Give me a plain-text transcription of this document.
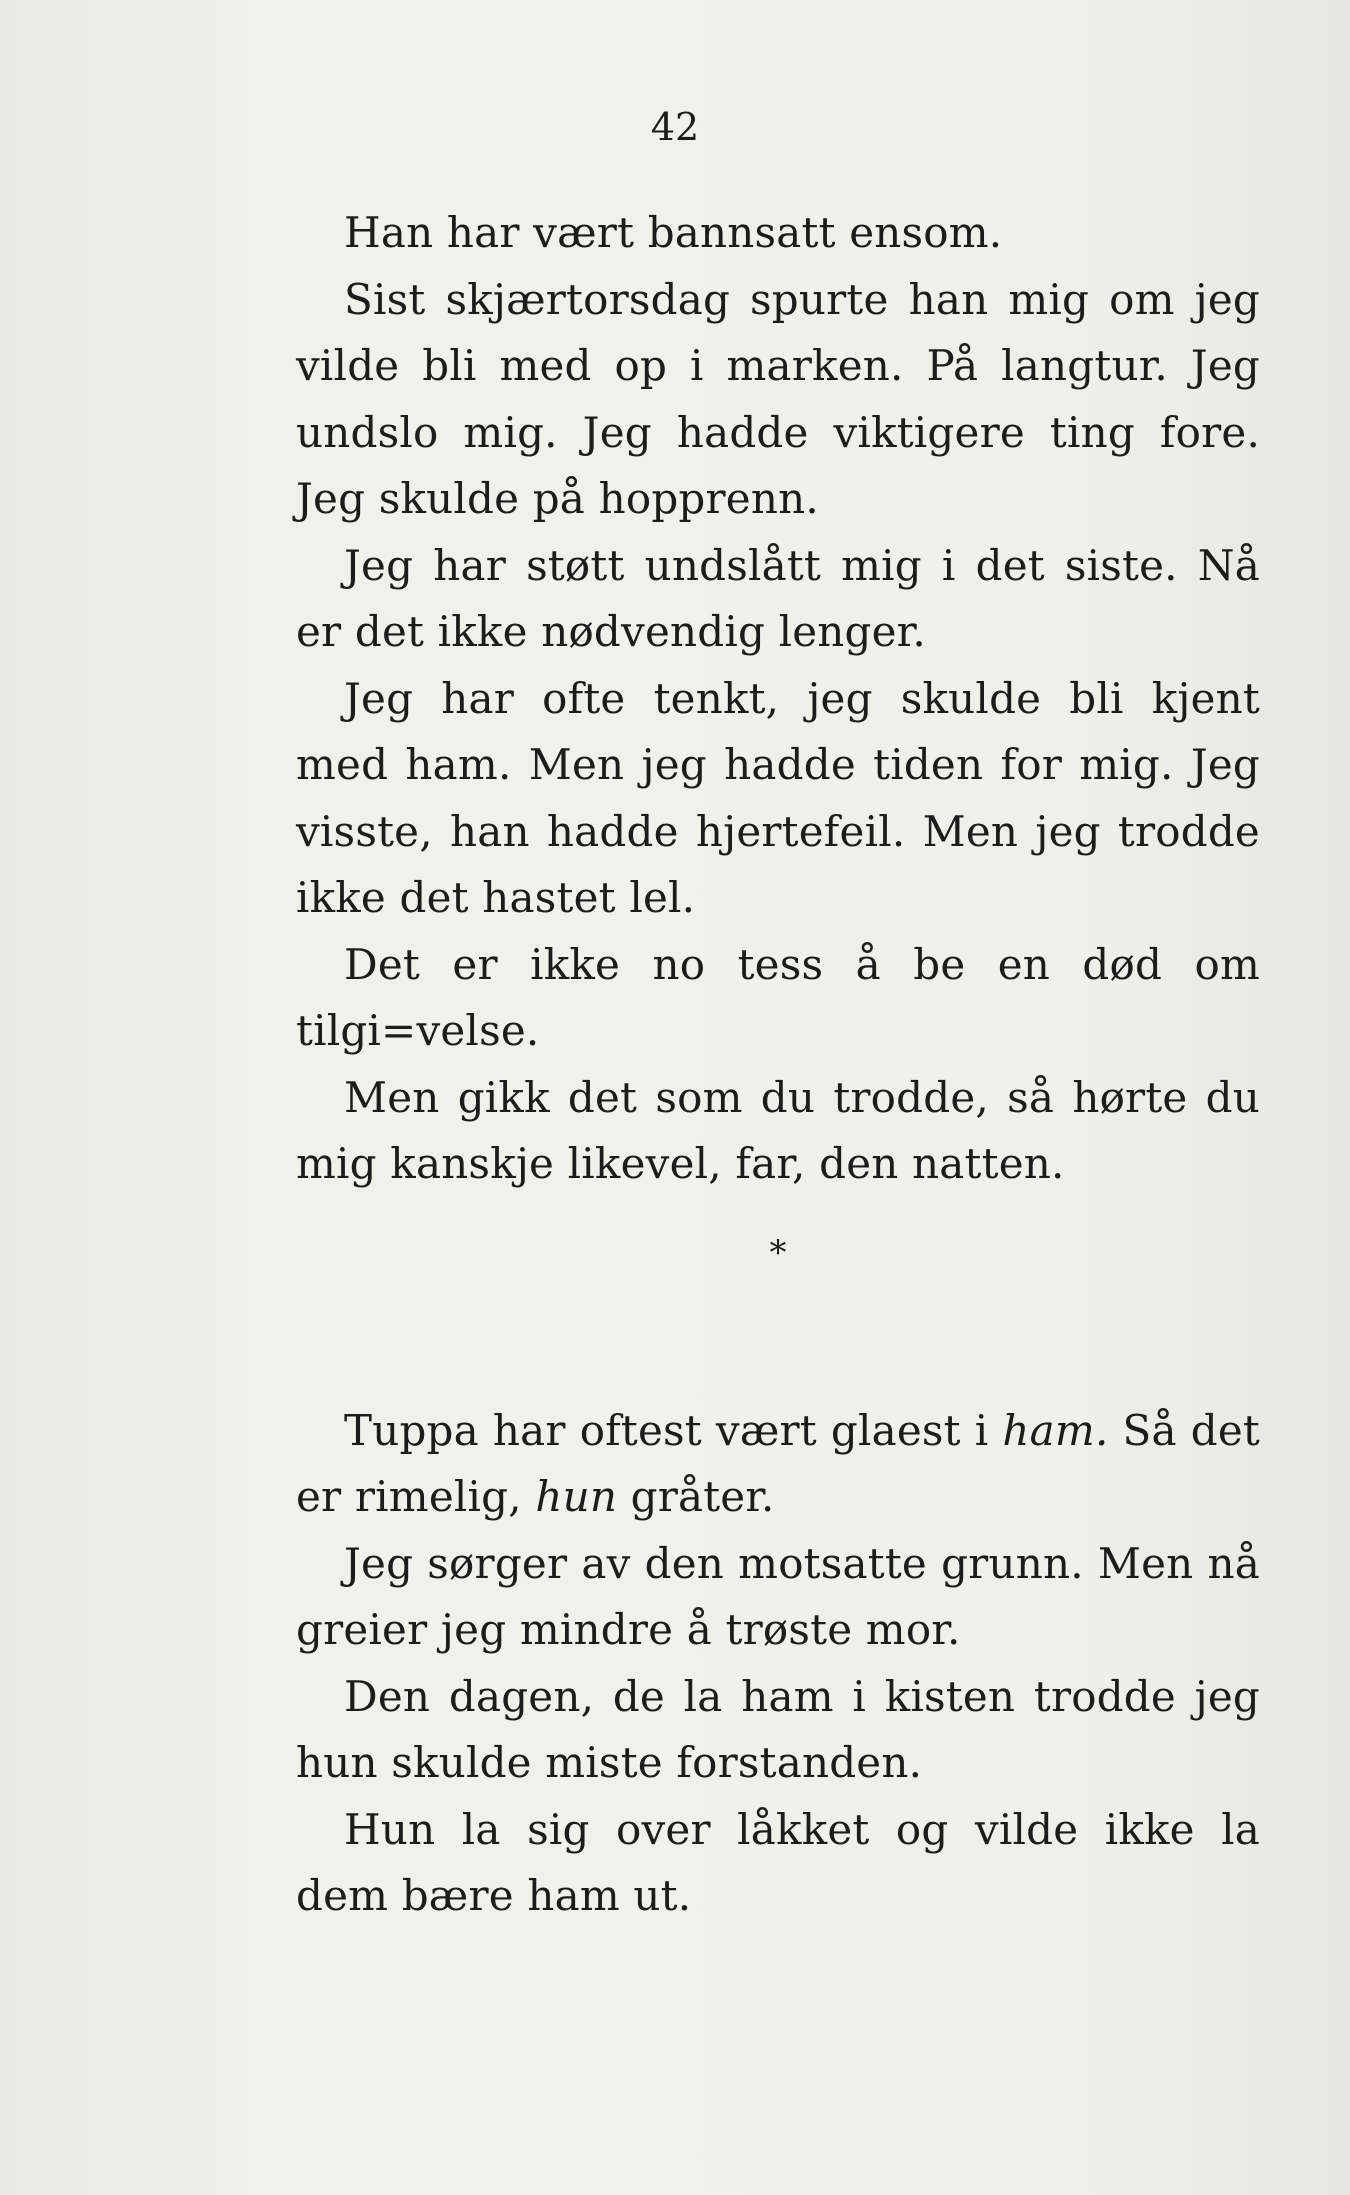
42

Han har vært bannsatt ensom.

Sist skjærtorsdag spurte han mig om jeg vilde bli med op i marken. På langtur. Jeg undslo mig. Jeg hadde viktigere ting fore. Jeg skulde på hopprenn.

Jeg har støtt undslått mig i det siste. Nå er det ikke nødvendig lenger.

Jeg har ofte tenkt, jeg skulde bli kjent med ham. Men jeg hadde tiden for mig. Jeg visste, han hadde hjertefeil. Men jeg trodde ikke det hastet lel.

Det er ikke no tess å be en død om tilgi=velse.

Men gikk det som du trodde, så hørte du mig kanskje likevel, far, den natten.

*

Tuppa har oftest vært glaest i ham. Så det er rimelig, hun gråter.

Jeg sørger av den motsatte grunn. Men nå greier jeg mindre å trøste mor.

Den dagen, de la ham i kisten trodde jeg hun skulde miste forstanden.

Hun la sig over låkket og vilde ikke la dem bære ham ut.
